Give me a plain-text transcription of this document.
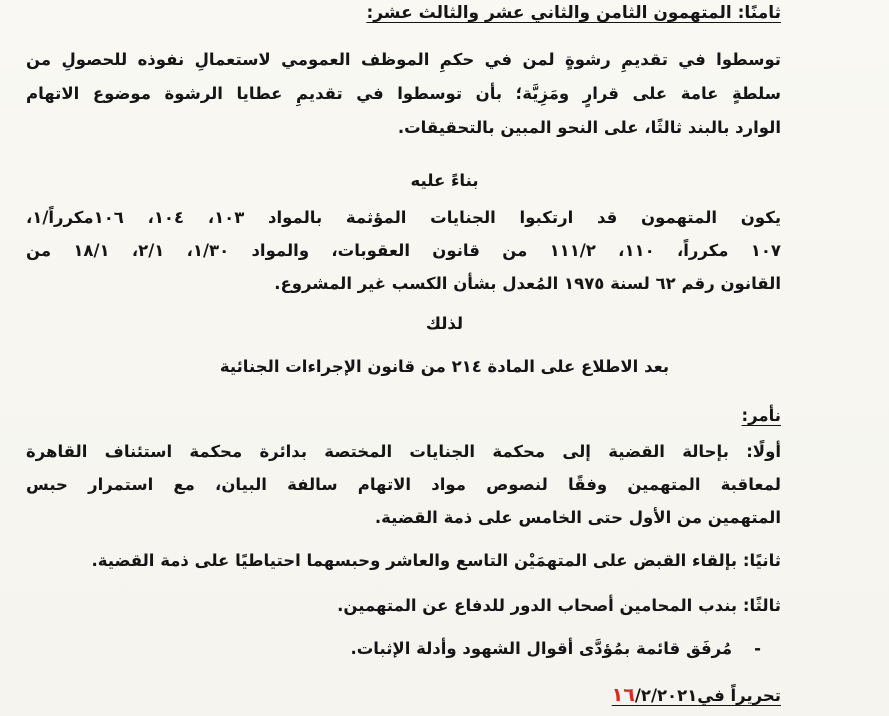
ثامنًا: المتهمون الثامن والثاني عشر والثالث عشر:
توسطوا في تقديمِ رشوةٍ لمن في حكمِ الموظف العمومي لاستعمالِ نفوذه للحصولِ من
سلطةٍ عامة على قرارٍ ومَزِيَّة؛ بأن توسطوا في تقديمِ عطايا الرشوة موضوع الاتهام
الوارد بالبند ثالثًا، على النحو المبين بالتحقيقات.
بناءً عليه
يكون المتهمون قد ارتكبوا الجنايات المؤثمة بالمواد ١٠٣، ١٠٤، ١٠٦مكرراً/١،
١٠٧ مكرراً، ١١٠، ١١١/٢ من قانون العقوبات، والمواد ١/٣٠، ٢/١، ١٨/١ من
القانون رقم ٦٢ لسنة ١٩٧٥ المُعدل بشأن الكسب غير المشروع.
لذلك
بعد الاطلاع على المادة ٢١٤ من قانون الإجراءات الجنائية
نأمر:
أولًا: بإحالة القضية إلى محكمة الجنايات المختصة بدائرة محكمة استئناف القاهرة
لمعاقبة المتهمين وفقًا لنصوص مواد الاتهام سالفة البيان، مع استمرار حبس
المتهمين من الأول حتى الخامس على ذمة القضية.
ثانيًا: بإلقاء القبض على المتهمَيْن التاسع والعاشر وحبسهما احتياطيًا على ذمة القضية.
ثالثًا: بندب المحامين أصحاب الدور للدفاع عن المتهمين.
-مُرفَق قائمة بمُؤدَّى أقوال الشهود وأدلة الإثبات.
تحريراً في١٦/٢/٢٠٢١
